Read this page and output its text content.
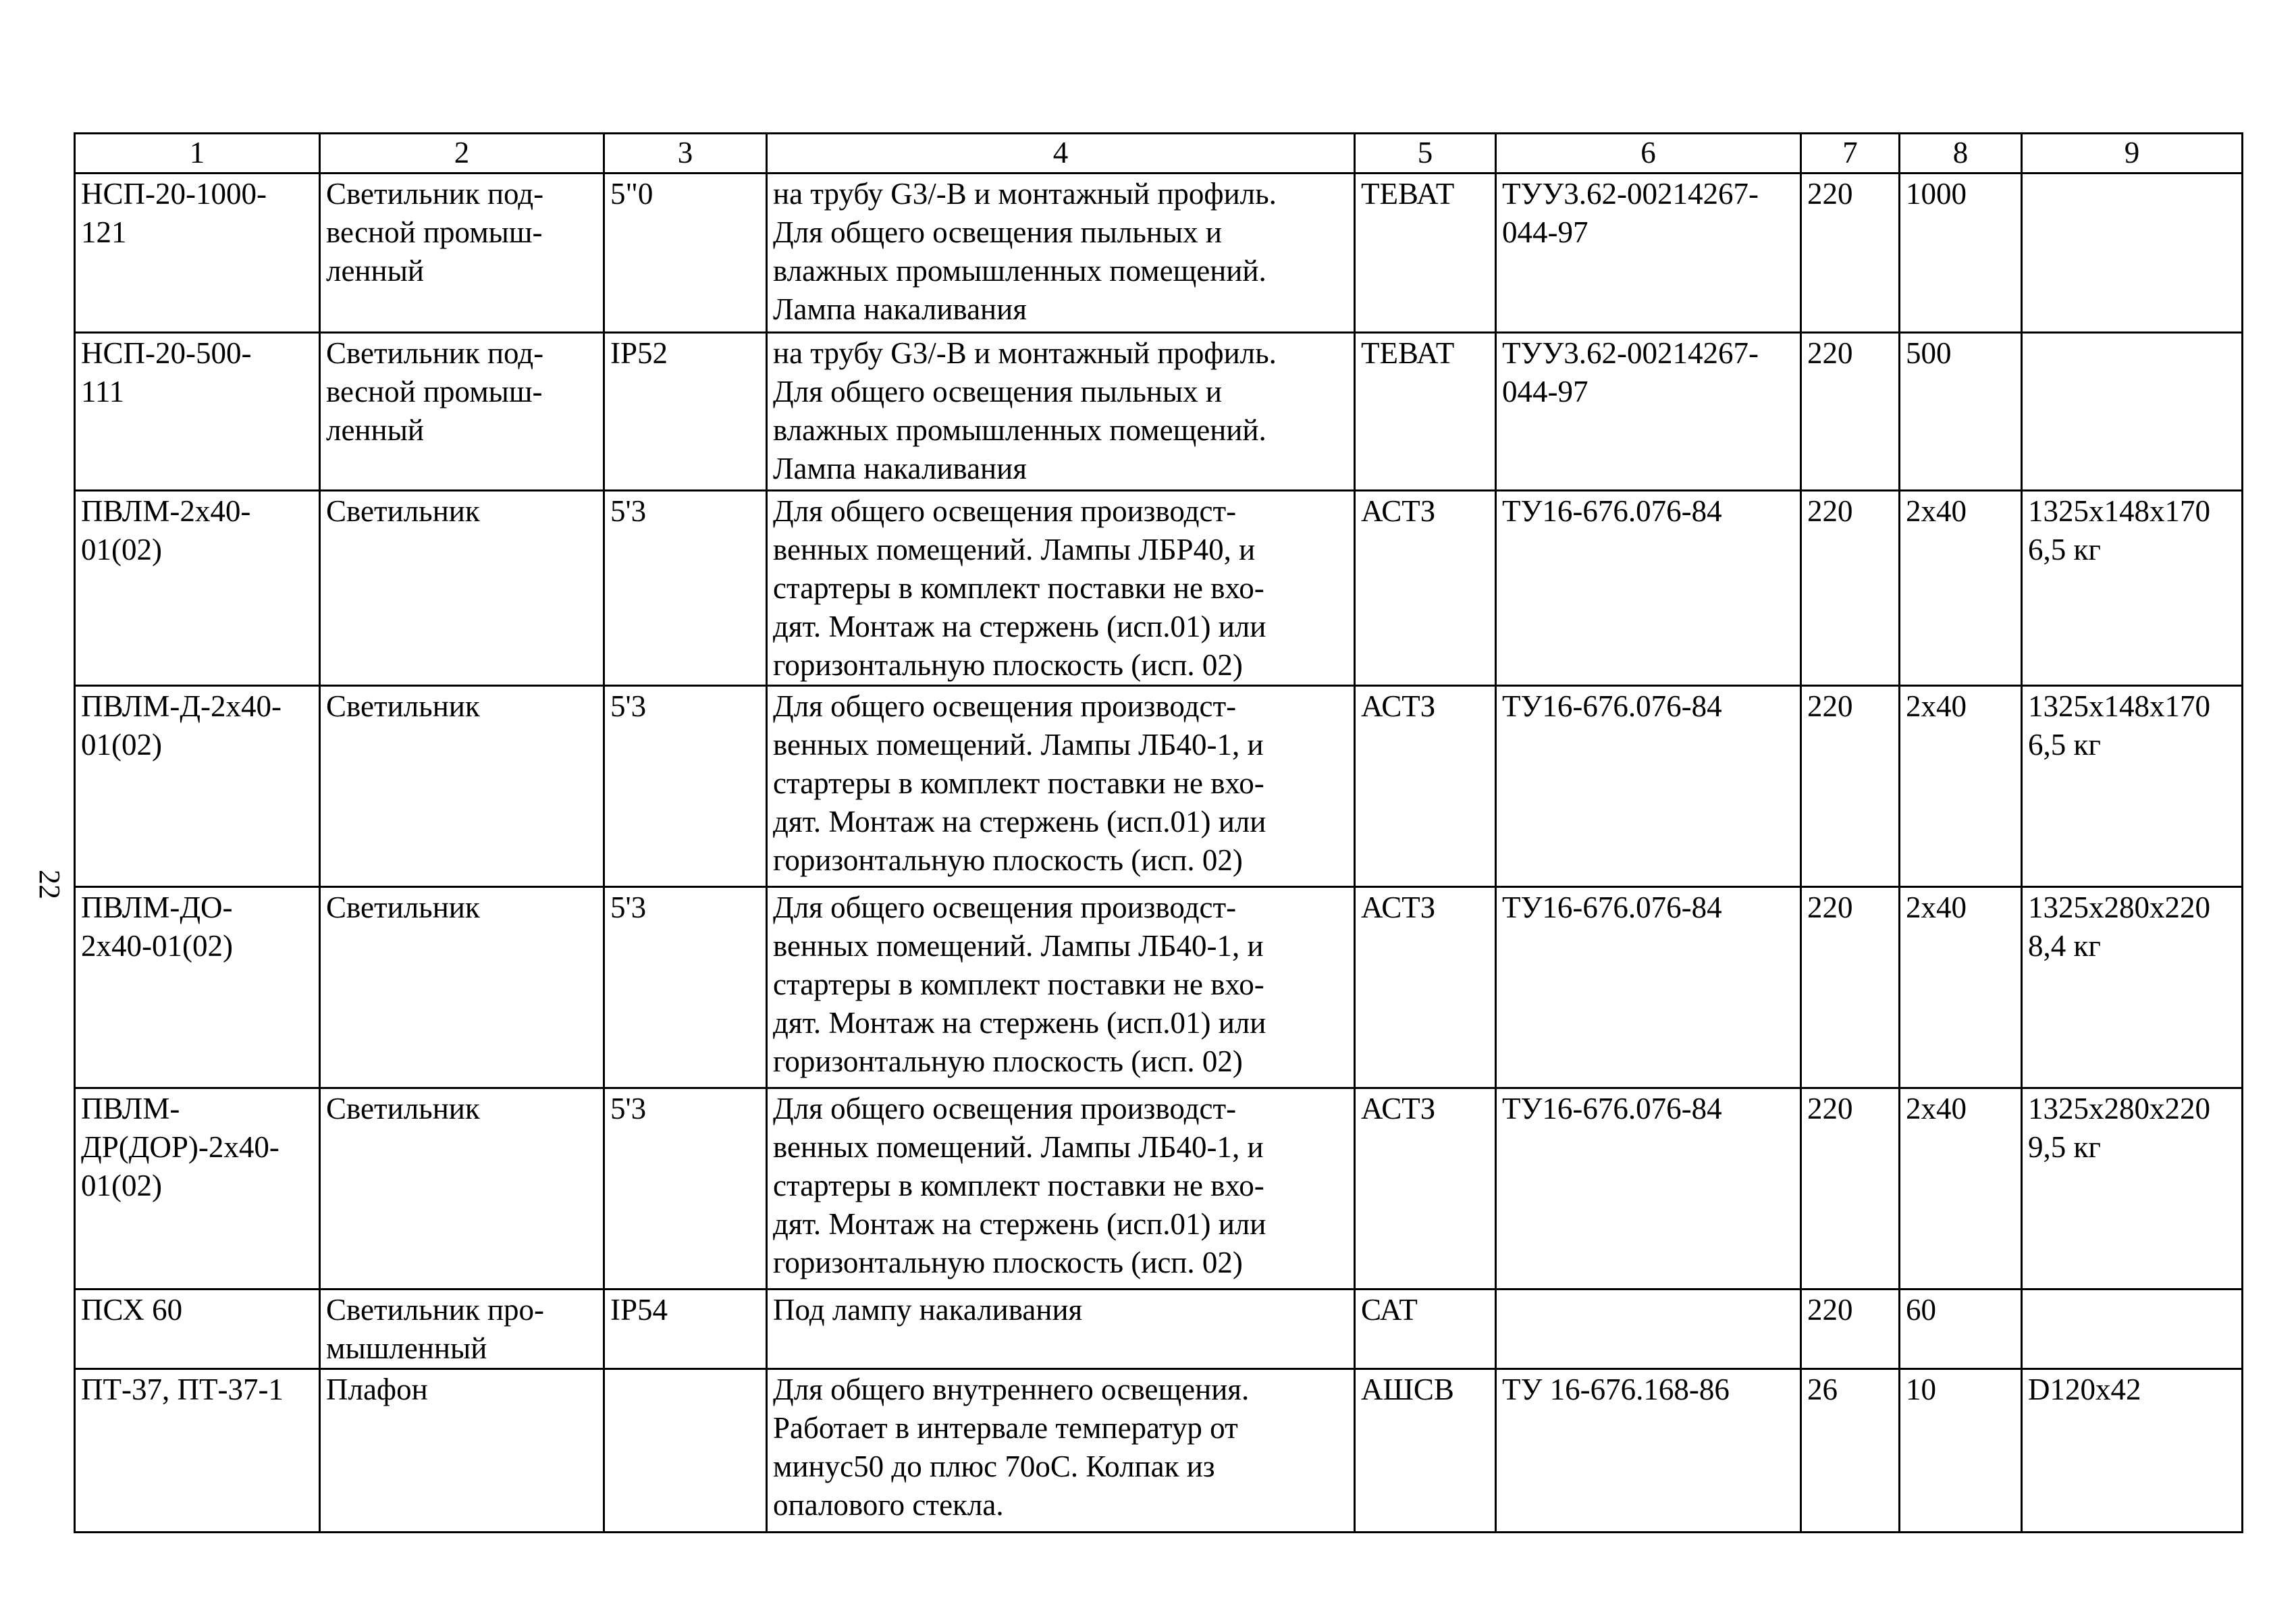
22
1	2	3	4	5	6	7	8	9

НСП-20-1000-
121	Светильник под-
весной промыш-
ленный	5"0	на трубу G3/-В и монтажный профиль.
Для общего освещения пыльных и
влажных промышленных помещений.
Лампа накаливания	ТЕВАТ	ТУУ3.62-00214267-
044-97	220	1000	

НСП-20-500-
111	Светильник под-
весной промыш-
ленный	IP52	на трубу G3/-В и монтажный профиль.
Для общего освещения пыльных и
влажных промышленных помещений.
Лампа накаливания	ТЕВАТ	ТУУ3.62-00214267-
044-97	220	500	

ПВЛМ-2х40-
01(02)	Светильник	5'3	Для общего освещения производст-
венных помещений. Лампы ЛБР40, и
стартеры в комплект поставки не вхо-
дят. Монтаж на стержень (исп.01) или
горизонтальную плоскость (исп. 02)	АСТЗ	ТУ16-676.076-84	220	2х40	1325х148х170
6,5 кг

ПВЛМ-Д-2х40-
01(02)	Светильник	5'3	Для общего освещения производст-
венных помещений. Лампы ЛБ40-1, и
стартеры в комплект поставки не вхо-
дят. Монтаж на стержень (исп.01) или
горизонтальную плоскость (исп. 02)	АСТЗ	ТУ16-676.076-84	220	2х40	1325х148х170
6,5 кг

ПВЛМ-ДО-
2х40-01(02)	Светильник	5'3	Для общего освещения производст-
венных помещений. Лампы ЛБ40-1, и
стартеры в комплект поставки не вхо-
дят. Монтаж на стержень (исп.01) или
горизонтальную плоскость (исп. 02)	АСТЗ	ТУ16-676.076-84	220	2х40	1325х280х220
8,4 кг

ПВЛМ-
ДР(ДОР)-2х40-
01(02)	Светильник	5'3	Для общего освещения производст-
венных помещений. Лампы ЛБ40-1, и
стартеры в комплект поставки не вхо-
дят. Монтаж на стержень (исп.01) или
горизонтальную плоскость (исп. 02)	АСТЗ	ТУ16-676.076-84	220	2х40	1325х280х220
9,5 кг

ПСХ 60	Светильник про-
мышленный	IP54	Под лампу накаливания	САТ		220	60	

ПТ-37, ПТ-37-1	Плафон		Для общего внутреннего освещения.
Работает в интервале температур от
минус50 до плюс 70оС. Колпак из
опалового стекла.	АШСВ	ТУ 16-676.168-86	26	10	D120х42
